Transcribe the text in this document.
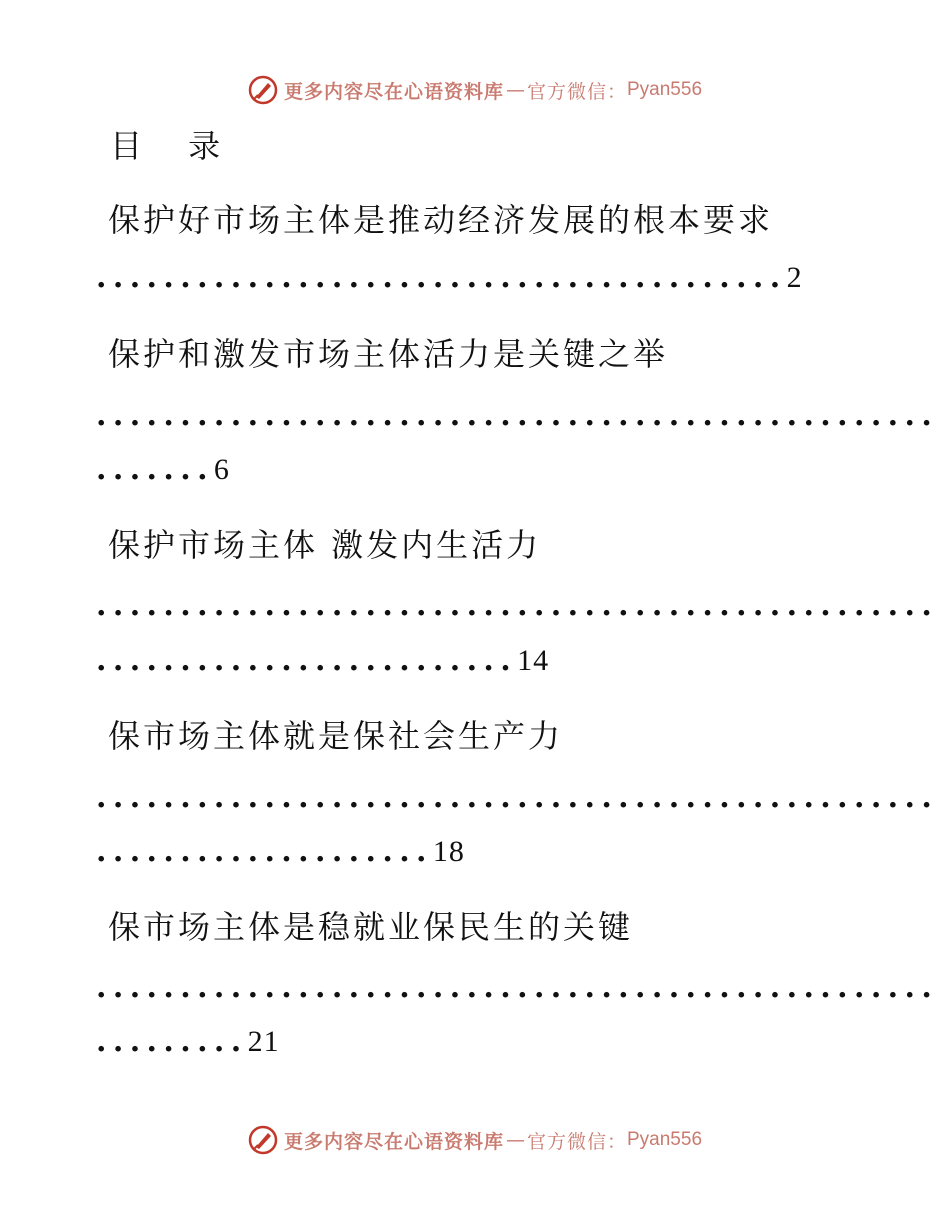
更多内容尽在心语资料库 — 官方微信： Pyan556
目 录
保护好市场主体是推动经济发展的根本要求
.........................................2
保护和激发市场主体活力是关键之举
..................................................
.......6
保护市场主体 激发内生活力
..................................................
.........................14
保市场主体就是保社会生产力
..................................................
....................18
保市场主体是稳就业保民生的关键
..................................................
.........21
更多内容尽在心语资料库 — 官方微信： Pyan556
